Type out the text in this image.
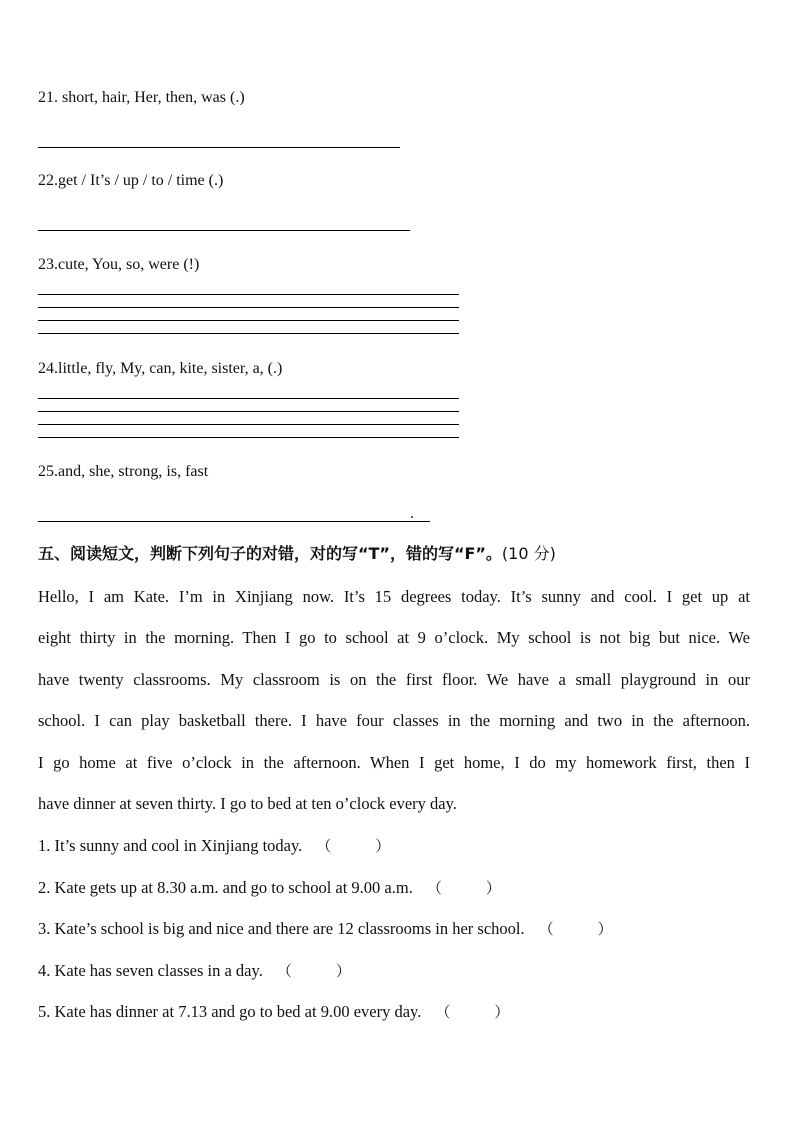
21. short, hair, Her, then, was (.)
22.get / It’s / up / to / time (.)
23.cute, You, so, were (!)
24.little, fly, My, can, kite, sister, a, (.)
25.and, she, strong, is, fast
.
五、阅读短文，判断下列句子的对错，对的写“T”，错的写“F”。(10 分)
Hello, I am Kate. I’m in Xinjiang now. It’s 15 degrees today. It’s sunny and cool. I get up at
eight thirty in the morning. Then I go to school at 9 o’clock. My school is not big but nice. We
have twenty classrooms. My classroom is on the first floor. We have a small playground in our
school. I can play basketball there. I have four classes in the morning and two in the afternoon.
I go home at five o’clock in the afternoon. When I get home, I do my homework first, then I
have dinner at seven thirty. I go to bed at ten o’clock every day.
1. It’s sunny and cool in Xinjiang today. （	）
2. Kate gets up at 8.30 a.m. and go to school at 9.00 a.m. （	）
3. Kate’s school is big and nice and there are 12 classrooms in her school. （	）
4. Kate has seven classes in a day. （	）
5. Kate has dinner at 7.13 and go to bed at 9.00 every day. （	）
